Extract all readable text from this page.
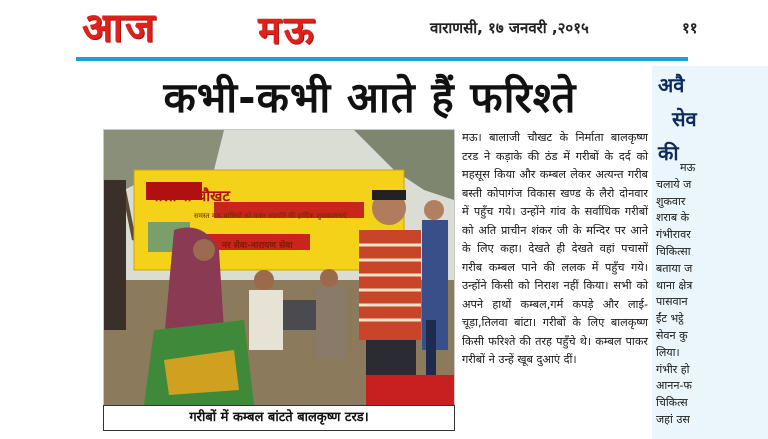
आज	मऊ	वाराणसी, १७ जनवरी ,२०१५	११
कभी-कभी आते हैं फरिश्ते
बालाजी चौखट
समस्त मऊ वासियों को मकर संक्रांति की हार्दिक शुभकामनाएं
नर सेवा-नारायण सेवा
गरीबों में कम्बल बांटते बालकृष्ण टरड।
मऊ। बालाजी चौखट के निर्माता बालकृष्ण टरड ने कड़ाके की ठंड में गरीबों के दर्द को महसूस किया और कम्बल लेकर अत्यन्त गरीब बस्ती कोपागंज विकास खण्ड के लैरो दोनवार में पहुँच गये। उन्होंने गांव के सर्वाधिक गरीबों को अति प्राचीन शंकर जी के मन्दिर पर आने के लिए कहा। देखते ही देखते वहां पचासों गरीब कम्बल पाने की ललक में पहुँच गये। उन्होंने किसी को निराश नहीं किया। सभी को अपने हाथों कम्बल,गर्म कपड़े और लाई-चूड़ा,तिलवा बांटा। गरीबों के लिए बालकृष्ण किसी फरिश्ते की तरह पहुँचे थे। कम्बल पाकर गरीबों ने उन्हें खूब दुआएं दीं।
अवै
सेव
की
मऊ
चलाये ज
शुकवार
शराब के
गंभीरावर
चिकित्सा
बताया ज
थाना क्षेत्र
पासवान
ईंट भट्ठे
सेवन कु
लिया।
गंभीर हो
आनन-फ
चिकित्स
जहां उस
